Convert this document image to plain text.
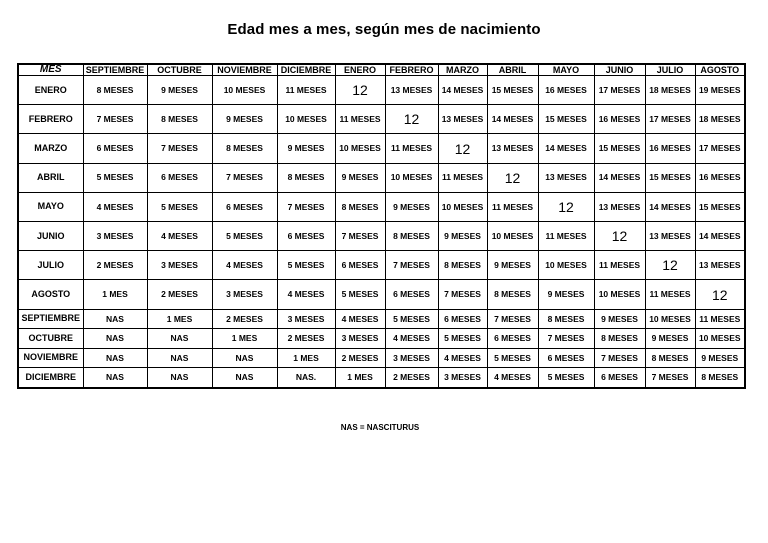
Edad mes a mes, según mes de nacimiento
MES	SEPTIEMBRE	OCTUBRE	NOVIEMBRE	DICIEMBRE	ENERO	FEBRERO	MARZO	ABRIL	MAYO	JUNIO	JULIO	AGOSTO
ENERO	8 MESES	9 MESES	10 MESES	11 MESES	12	13 MESES	14 MESES	15 MESES	16 MESES	17 MESES	18 MESES	19 MESES
FEBRERO	7 MESES	8 MESES	9 MESES	10 MESES	11 MESES	12	13 MESES	14 MESES	15 MESES	16 MESES	17 MESES	18 MESES
MARZO	6 MESES	7 MESES	8 MESES	9 MESES	10 MESES	11 MESES	12	13 MESES	14 MESES	15 MESES	16 MESES	17 MESES
ABRIL	5 MESES	6 MESES	7 MESES	8 MESES	9 MESES	10 MESES	11 MESES	12	13 MESES	14 MESES	15 MESES	16 MESES
MAYO	4 MESES	5 MESES	6 MESES	7 MESES	8 MESES	9 MESES	10 MESES	11 MESES	12	13 MESES	14 MESES	15 MESES
JUNIO	3 MESES	4 MESES	5 MESES	6 MESES	7 MESES	8 MESES	9 MESES	10 MESES	11 MESES	12	13 MESES	14 MESES
JULIO	2 MESES	3 MESES	4 MESES	5 MESES	6 MESES	7 MESES	8 MESES	9 MESES	10 MESES	11 MESES	12	13 MESES
AGOSTO	1 MES	2 MESES	3 MESES	4 MESES	5 MESES	6 MESES	7 MESES	8 MESES	9 MESES	10 MESES	11 MESES	12
SEPTIEMBRE	NAS	1 MES	2 MESES	3 MESES	4 MESES	5 MESES	6 MESES	7 MESES	8 MESES	9 MESES	10 MESES	11 MESES
OCTUBRE	NAS	NAS	1 MES	2 MESES	3 MESES	4 MESES	5 MESES	6 MESES	7 MESES	8 MESES	9 MESES	10 MESES
NOVIEMBRE	NAS	NAS	NAS	1 MES	2 MESES	3 MESES	4 MESES	5 MESES	6 MESES	7 MESES	8 MESES	9 MESES
DICIEMBRE	NAS	NAS	NAS	NAS.	1 MES	2 MESES	3 MESES	4 MESES	5 MESES	6 MESES	7 MESES	8 MESES
NAS = NASCITURUS
